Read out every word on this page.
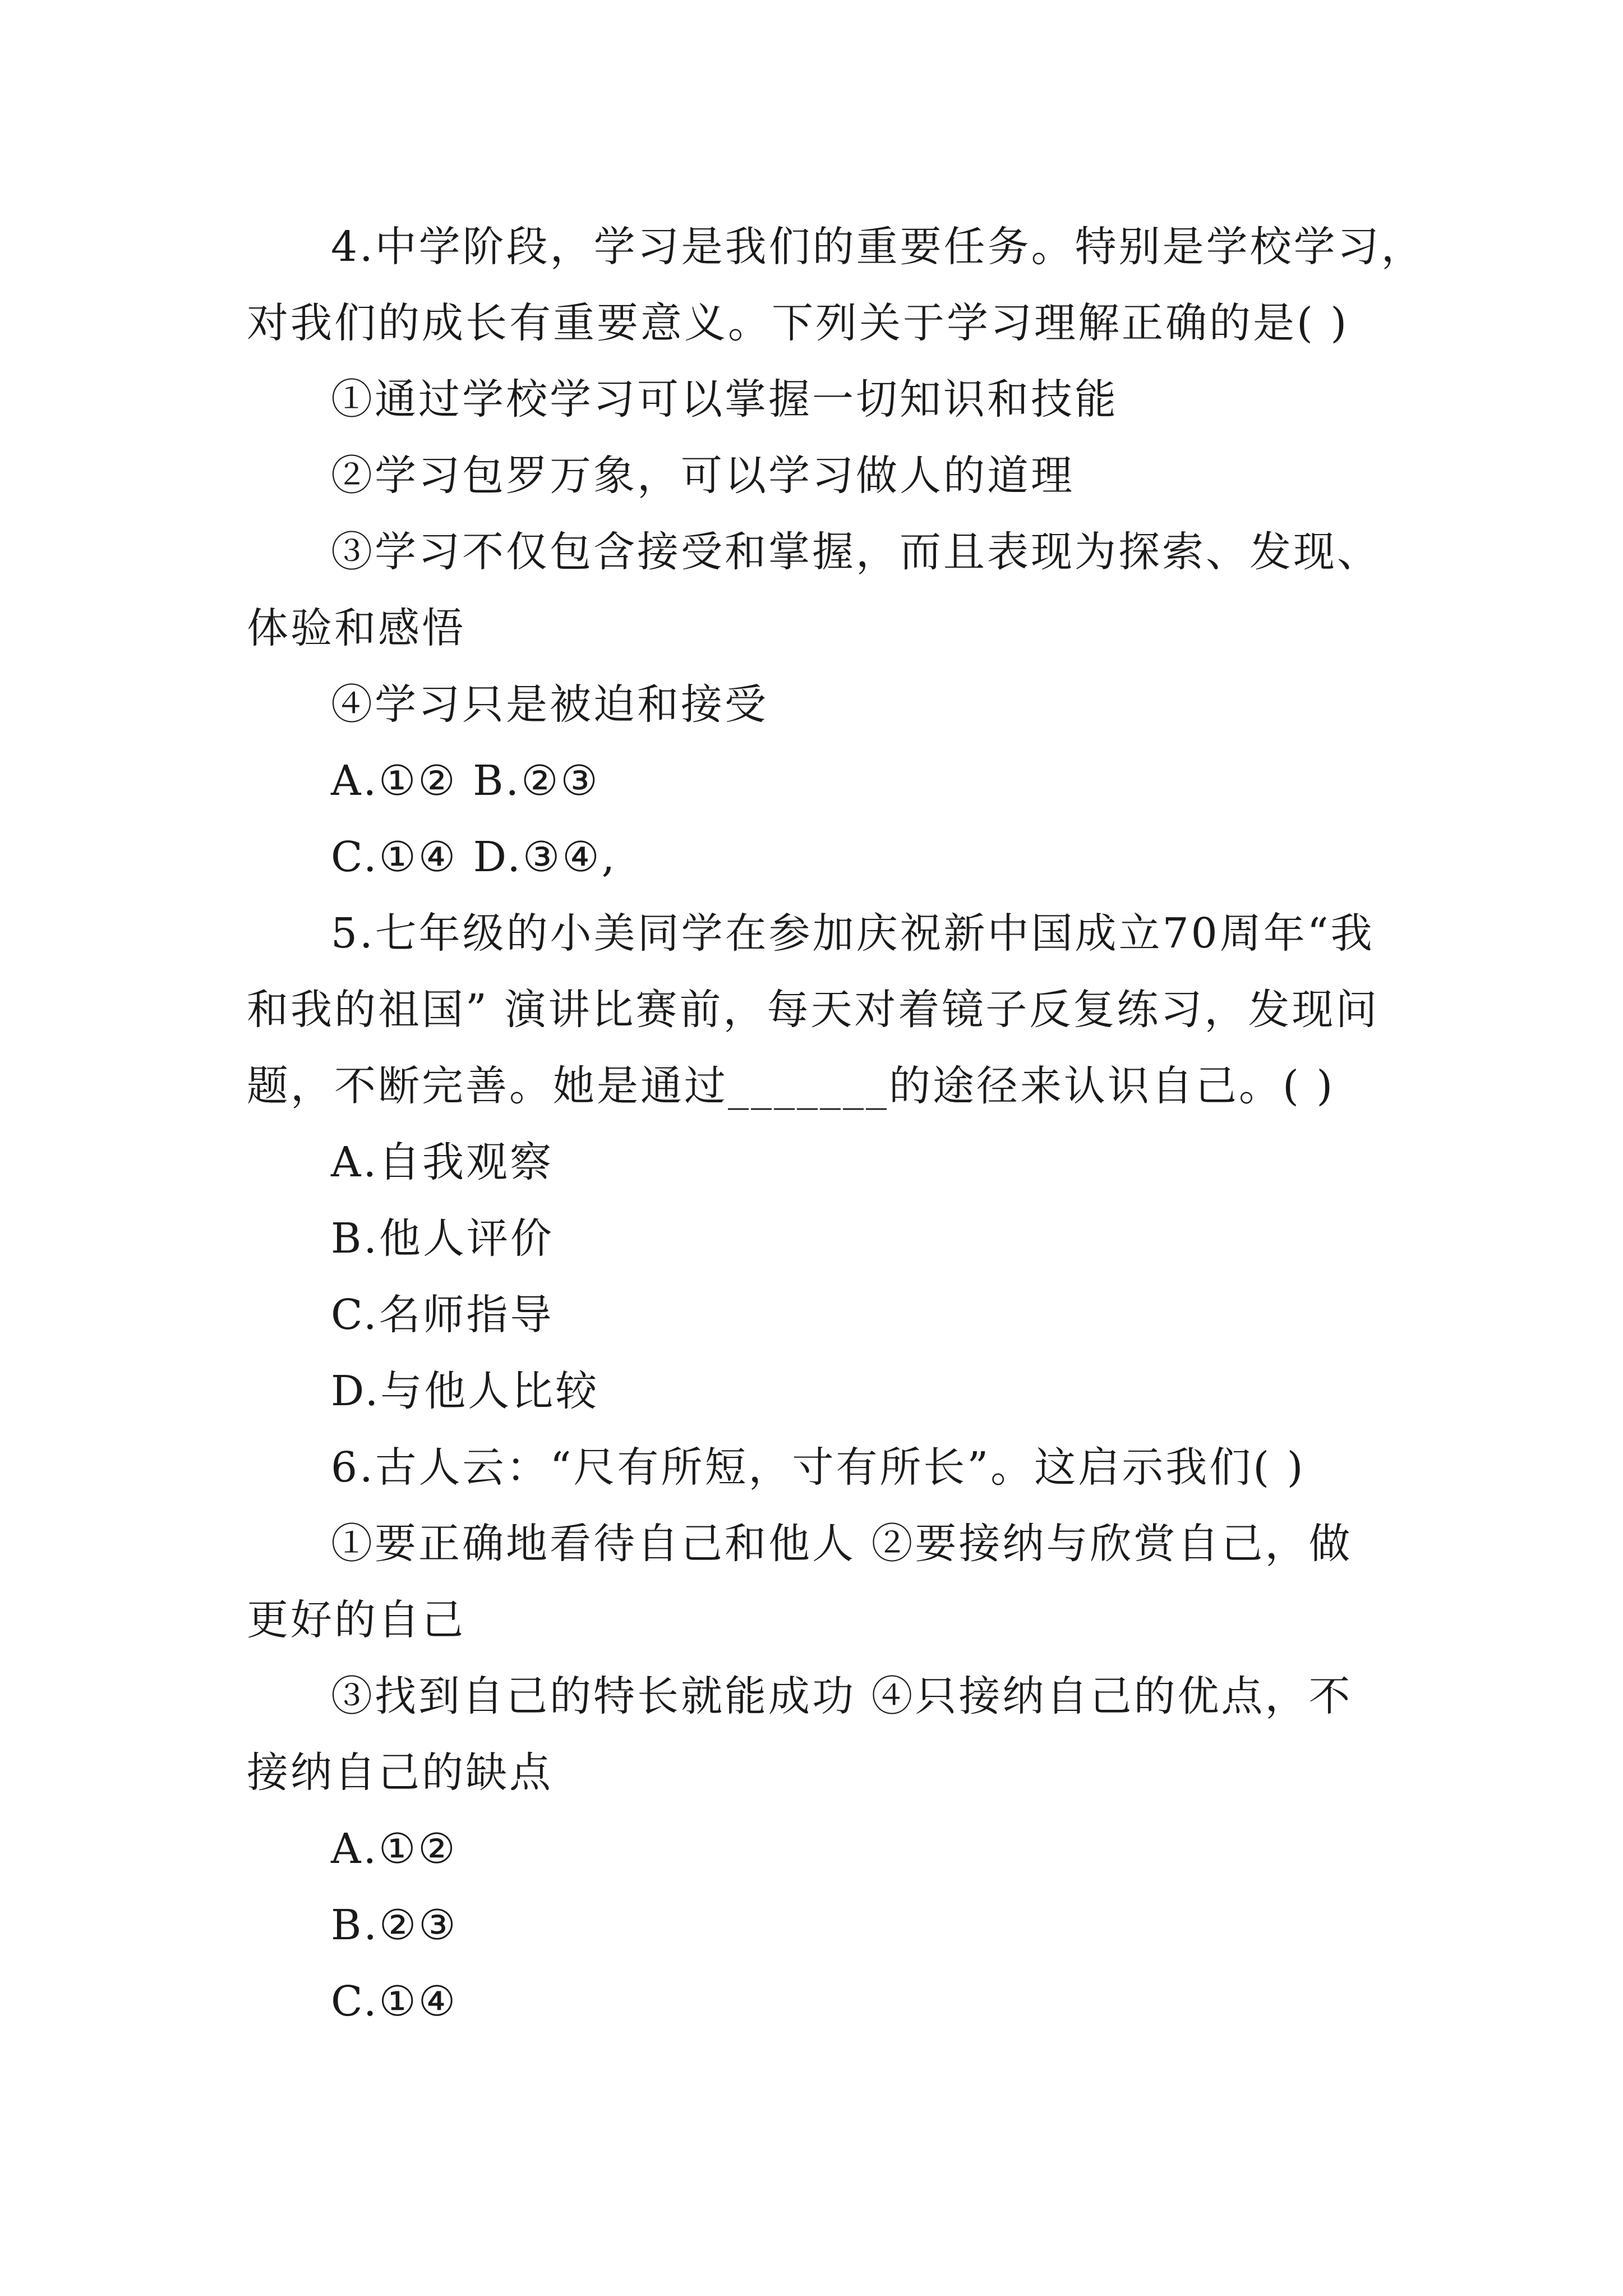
4.中学阶段，学习是我们的重要任务。特别是学校学习，
对我们的成长有重要意义。下列关于学习理解正确的是( )
①通过学校学习可以掌握一切知识和技能
②学习包罗万象，可以学习做人的道理
③学习不仅包含接受和掌握，而且表现为探索、发现、
体验和感悟
④学习只是被迫和接受
A.①② B.②③
C.①④ D.③④,
5.七年级的小美同学在参加庆祝新中国成立70周年“我
和我的祖国” 演讲比赛前，每天对着镜子反复练习，发现问
题，不断完善。她是通过_______的途径来认识自己。( )
A.自我观察
B.他人评价
C.名师指导
D.与他人比较
6.古人云：“尺有所短，寸有所长”。这启示我们( )
①要正确地看待自己和他人 ②要接纳与欣赏自己，做
更好的自己
③找到自己的特长就能成功 ④只接纳自己的优点，不
接纳自己的缺点
A.①②
B.②③
C.①④
